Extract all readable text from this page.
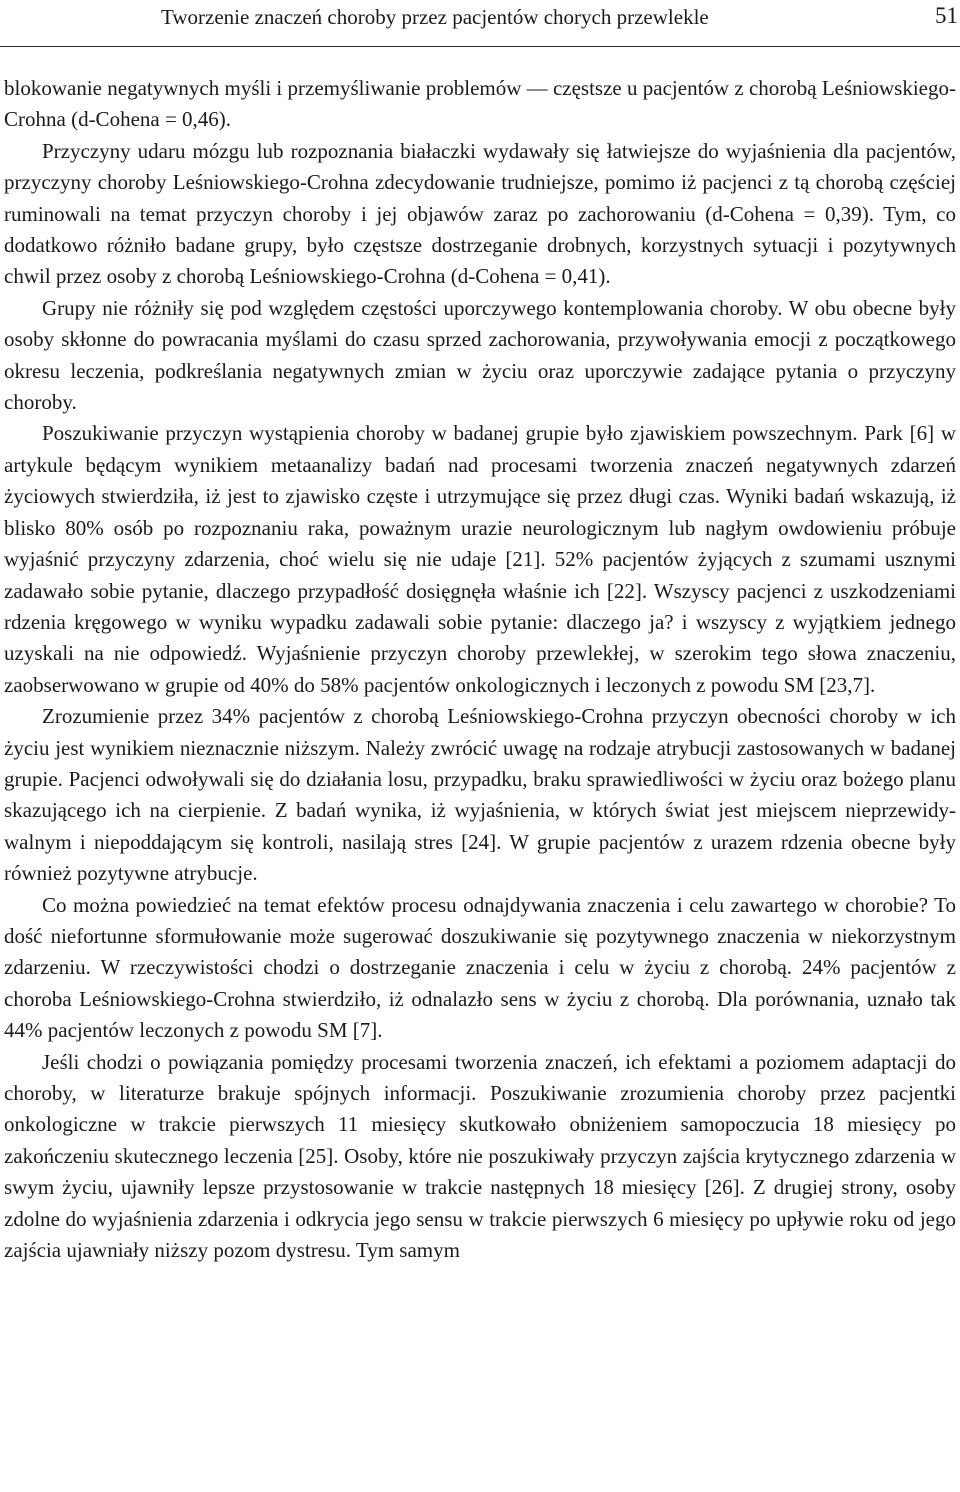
Tworzenie znaczeń choroby przez pacjentów chorych przewlekle	51

blokowanie negatywnych myśli i przemyśliwanie problemów — częstsze u pacjentów z chorobą Leśniowskiego-Crohna (d-Cohena = 0,46).

Przyczyny udaru mózgu lub rozpoznania białaczki wydawały się łatwiejsze do wyjaśnienia dla pacjentów, przyczyny choroby Leśniowskiego-Crohna zdecydowanie trudniejsze, pomimo iż pacjenci z tą chorobą częściej ruminowali na temat przyczyn choroby i jej objawów zaraz po zachorowaniu (d-Cohena = 0,39). Tym, co dodatkowo różniło badane grupy, było częstsze dostrzeganie drobnych, korzystnych sytuacji i pozytywnych chwil przez osoby z chorobą Leśniowskiego-Crohna (d-Cohena = 0,41).

Grupy nie różniły się pod względem częstości uporczywego kontemplowania choroby. W obu obecne były osoby skłonne do powracania myślami do czasu sprzed zachorowania, przywoływania emocji z początkowego okresu leczenia, podkreślania negatywnych zmian w życiu oraz uporczywie zadające pytania o przyczyny choroby.

Poszukiwanie przyczyn wystąpienia choroby w badanej grupie było zjawiskiem powszechnym. Park [6] w artykule będącym wynikiem metaanalizy badań nad procesami tworzenia znaczeń negatywnych zdarzeń życiowych stwierdziła, iż jest to zjawisko częste i utrzymujące się przez długi czas. Wyniki badań wskazują, iż blisko 80% osób po rozpoznaniu raka, poważnym urazie neurologicznym lub nagłym owdowieniu próbuje wyjaśnić przyczyny zdarzenia, choć wielu się nie udaje [21]. 52% pacjentów żyjących z szumami usznymi zadawało sobie pytanie, dlaczego przypadłość dosięgnęła właśnie ich [22]. Wszyscy pacjenci z uszkodzeniami rdzenia kręgowego w wyniku wypadku zadawali sobie pytanie: dlaczego ja? i wszyscy z wyjątkiem jednego uzyskali na nie odpowiedź. Wyjaśnienie przyczyn choroby przewlekłej, w szerokim tego słowa znaczeniu, zaobserwowano w grupie od 40% do 58% pacjentów onkologicznych i leczonych z powodu SM [23,7].

Zrozumienie przez 34% pacjentów z chorobą Leśniowskiego-Crohna przyczyn obecności choroby w ich życiu jest wynikiem nieznacznie niższym. Należy zwrócić uwagę na rodzaje atrybucji zastosowanych w badanej grupie. Pacjenci odwoływali się do działania losu, przypadku, braku sprawiedliwości w życiu oraz bożego planu skazującego ich na cierpienie. Z badań wynika, iż wyjaśnienia, w których świat jest miejscem nieprzewidywalnym i niepoddającym się kontroli, nasilają stres [24]. W grupie pacjentów z urazem rdzenia obecne były również pozytywne atrybucje.

Co można powiedzieć na temat efektów procesu odnajdywania znaczenia i celu zawartego w chorobie? To dość niefortunne sformułowanie może sugerować doszukiwanie się pozytywnego znaczenia w niekorzystnym zdarzeniu. W rzeczywistości chodzi o dostrzeganie znaczenia i celu w życiu z chorobą. 24% pacjentów z choroba Leśniowskiego-Crohna stwierdziło, iż odnalazło sens w życiu z chorobą. Dla porównania, uznało tak 44% pacjentów leczonych z powodu SM [7].

Jeśli chodzi o powiązania pomiędzy procesami tworzenia znaczeń, ich efektami a poziomem adaptacji do choroby, w literaturze brakuje spójnych informacji. Poszukiwanie zrozumienia choroby przez pacjentki onkologiczne w trakcie pierwszych 11 miesięcy skutkowało obniżeniem samopoczucia 18 miesięcy po zakończeniu skutecznego leczenia [25]. Osoby, które nie poszukiwały przyczyn zajścia krytycznego zdarzenia w swym życiu, ujawniły lepsze przystosowanie w trakcie następnych 18 miesięcy [26]. Z drugiej strony, osoby zdolne do wyjaśnienia zdarzenia i odkrycia jego sensu w trakcie pierwszych 6 miesięcy po upływie roku od jego zajścia ujawniały niższy pozom dystresu. Tym samym
